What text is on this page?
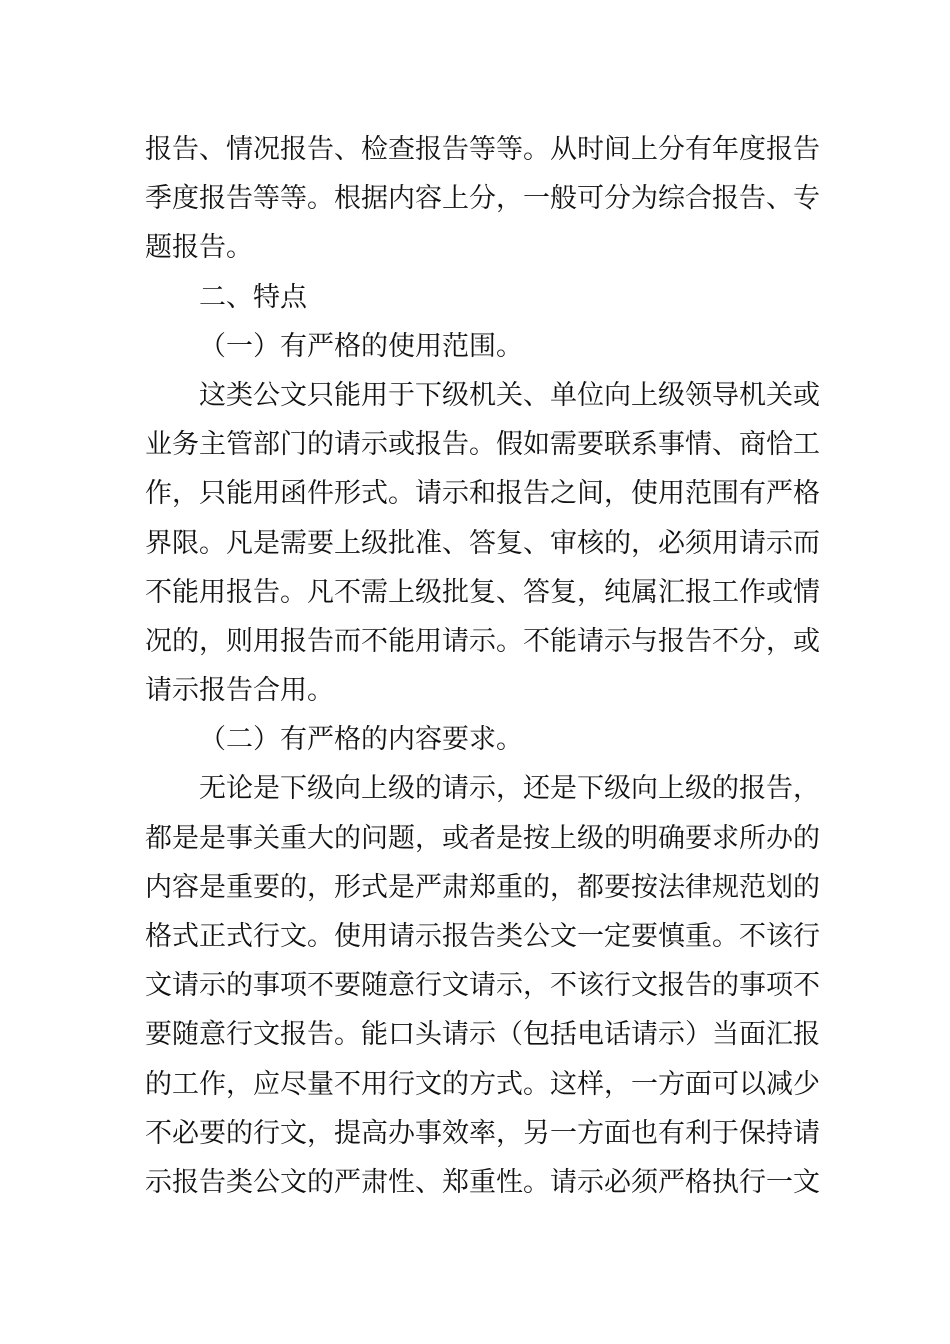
报告、情况报告、检查报告等等。从时间上分有年度报告
季度报告等等。根据内容上分，一般可分为综合报告、专
题报告。
二、特点
（一）有严格的使用范围。
这类公文只能用于下级机关、单位向上级领导机关或
业务主管部门的请示或报告。假如需要联系事情、商恰工
作，只能用函件形式。请示和报告之间，使用范围有严格
界限。凡是需要上级批准、答复、审核的，必须用请示而
不能用报告。凡不需上级批复、答复，纯属汇报工作或情
况的，则用报告而不能用请示。不能请示与报告不分，或
请示报告合用。
（二）有严格的内容要求。
无论是下级向上级的请示，还是下级向上级的报告，
都是是事关重大的问题，或者是按上级的明确要求所办的
内容是重要的，形式是严肃郑重的，都要按法律规范划的
格式正式行文。使用请示报告类公文一定要慎重。不该行
文请示的事项不要随意行文请示，不该行文报告的事项不
要随意行文报告。能口头请示（包括电话请示）当面汇报
的工作，应尽量不用行文的方式。这样，一方面可以减少
不必要的行文，提高办事效率，另一方面也有利于保持请
示报告类公文的严肃性、郑重性。请示必须严格执行一文
